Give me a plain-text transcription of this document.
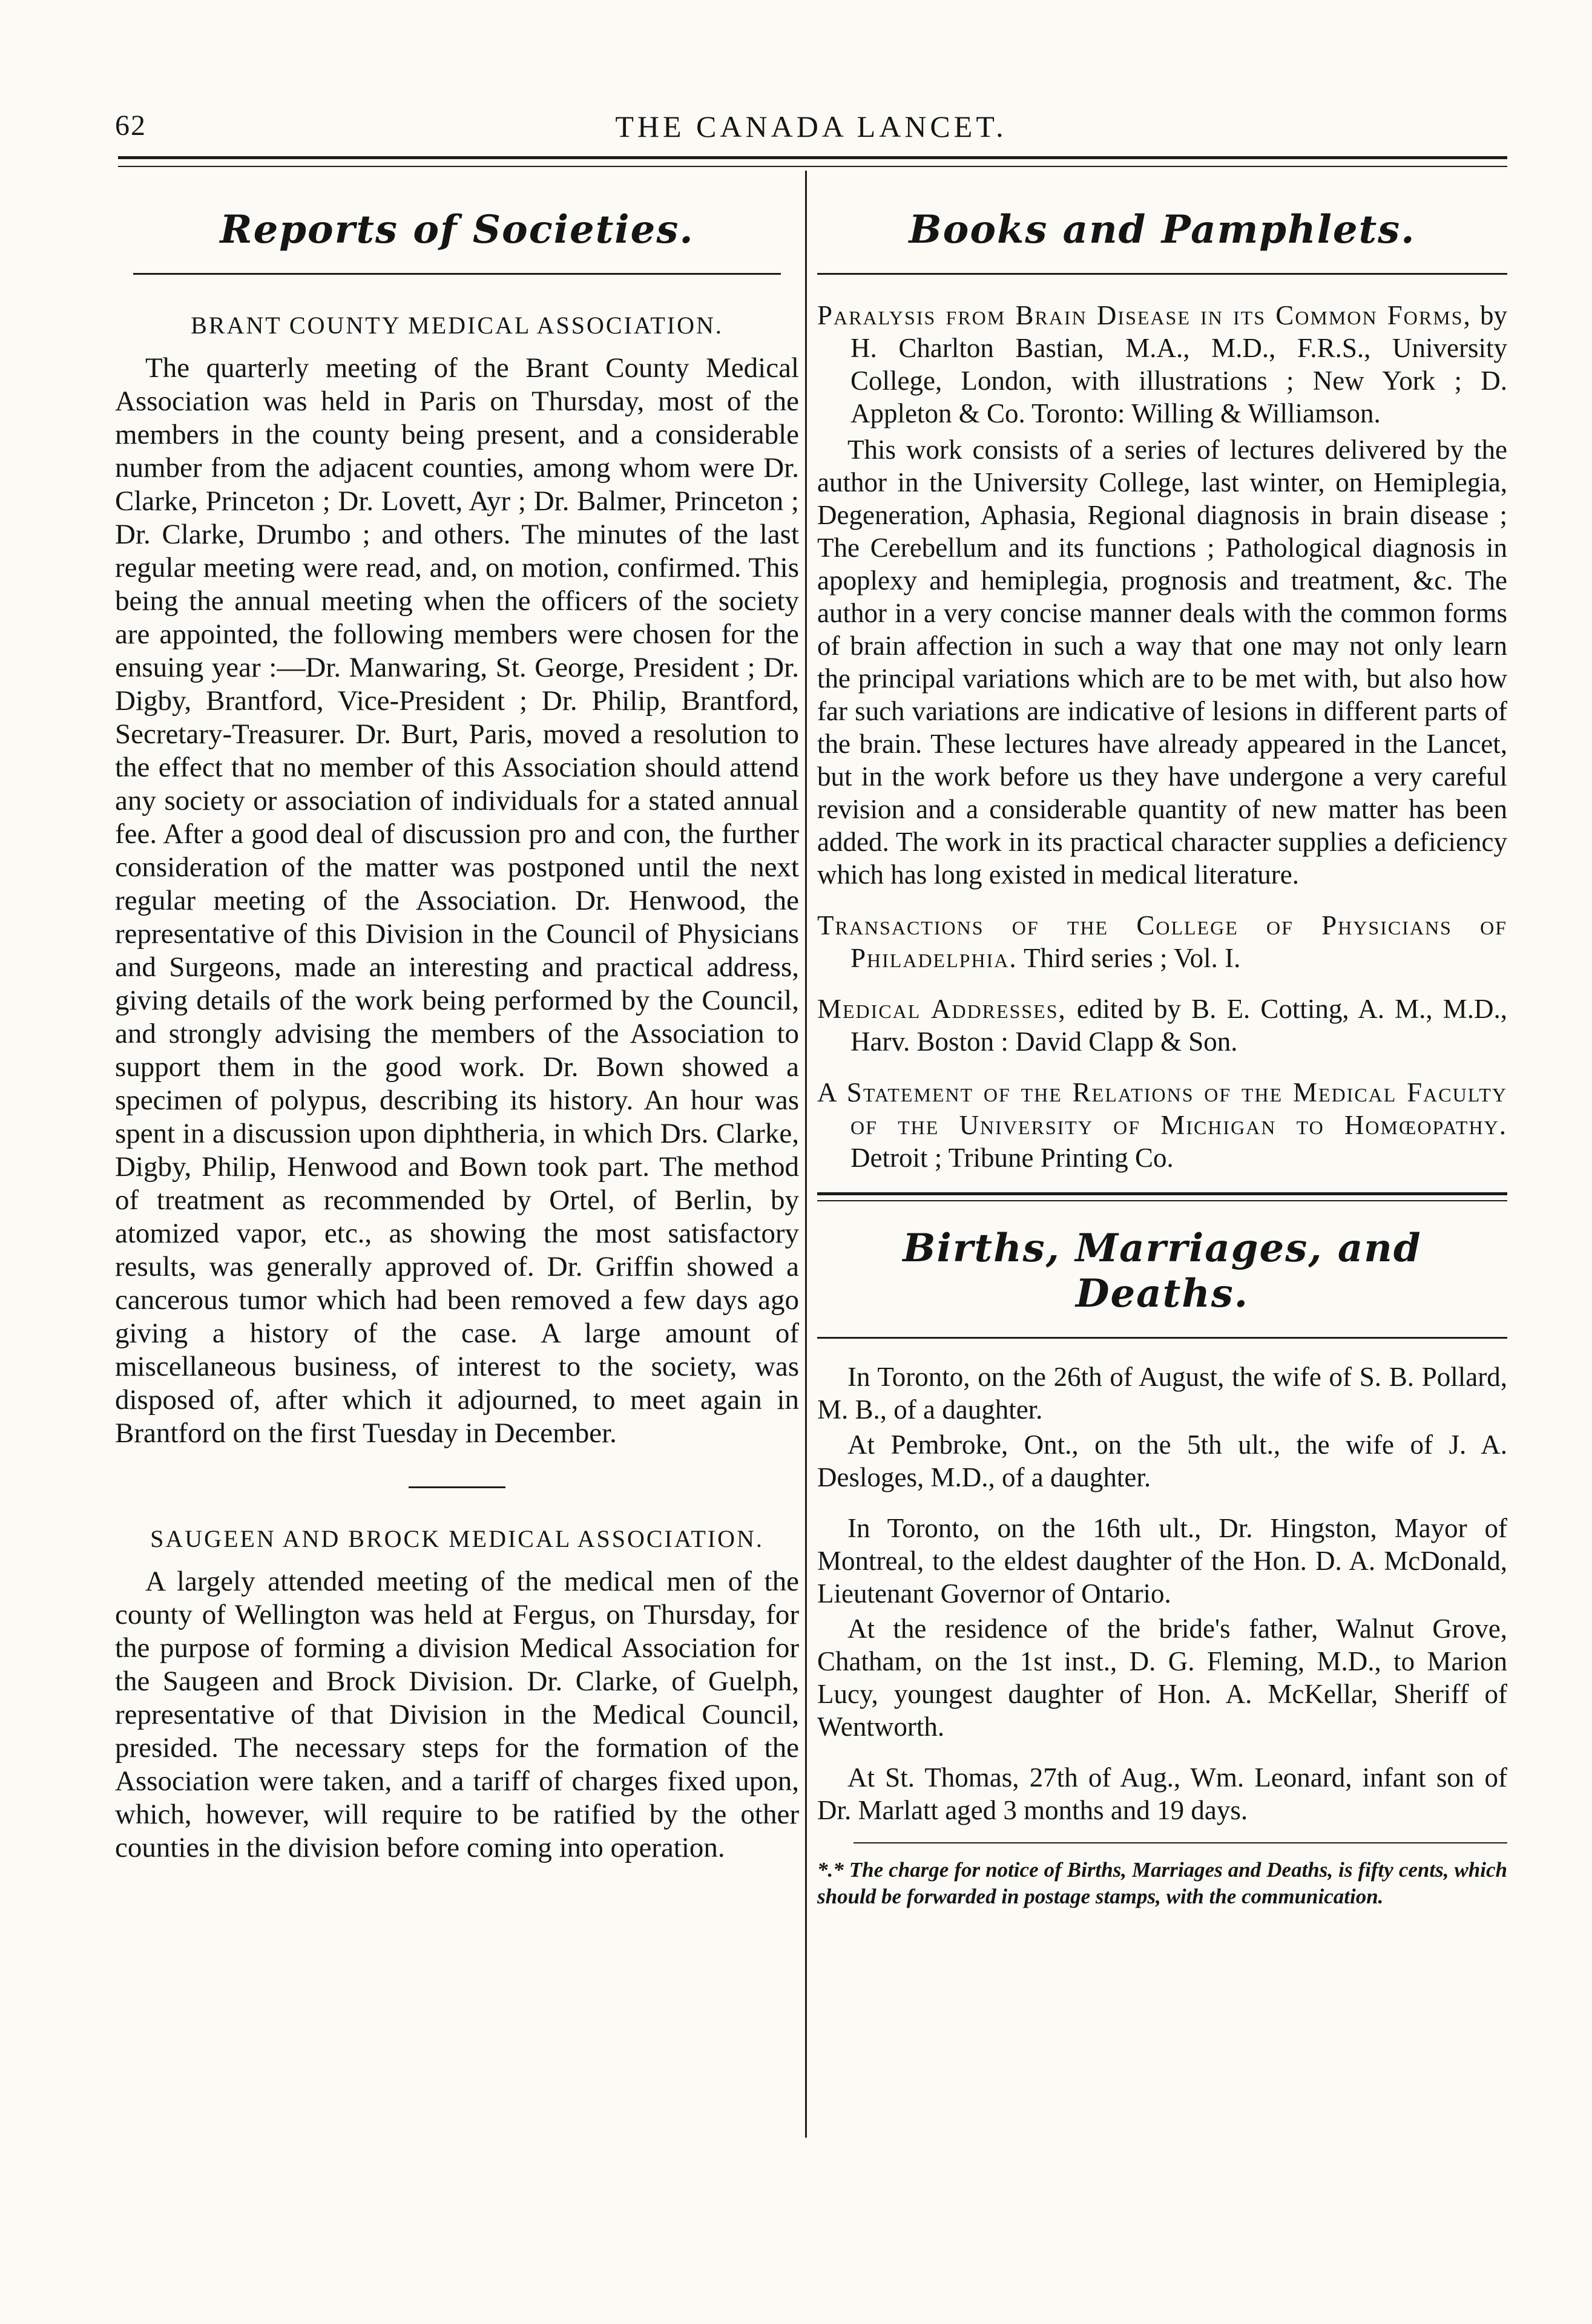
62	THE CANADA LANCET.
Reports of Societies.
BRANT COUNTY MEDICAL ASSOCIATION.

The quarterly meeting of the Brant County Medical Association was held in Paris on Thursday, most of the members in the county being present, and a considerable number from the adjacent counties, among whom were Dr. Clarke, Princeton ; Dr. Lovett, Ayr ; Dr. Balmer, Princeton ; Dr. Clarke, Drumbo ; and others. The minutes of the last regular meeting were read, and, on motion, confirmed. This being the annual meeting when the officers of the society are appointed, the following members were chosen for the ensuing year :—Dr. Manwaring, St. George, President ; Dr. Digby, Brantford, Vice-President ; Dr. Philip, Brantford, Secretary-Treasurer. Dr. Burt, Paris, moved a resolution to the effect that no member of this Association should attend any society or association of individuals for a stated annual fee. After a good deal of discussion pro and con, the further consideration of the matter was postponed until the next regular meeting of the Association. Dr. Henwood, the representative of this Division in the Council of Physicians and Surgeons, made an interesting and practical address, giving details of the work being performed by the Council, and strongly advising the members of the Association to support them in the good work. Dr. Bown showed a specimen of polypus, describing its history. An hour was spent in a discussion upon diphtheria, in which Drs. Clarke, Digby, Philip, Henwood and Bown took part. The method of treatment as recommended by Ortel, of Berlin, by atomized vapor, etc., as showing the most satisfactory results, was generally approved of. Dr. Griffin showed a cancerous tumor which had been removed a few days ago giving a history of the case. A large amount of miscellaneous business, of interest to the society, was disposed of, after which it adjourned, to meet again in Brantford on the first Tuesday in December.

SAUGEEN AND BROCK MEDICAL ASSOCIATION.

A largely attended meeting of the medical men of the county of Wellington was held at Fergus, on Thursday, for the purpose of forming a division Medical Association for the Saugeen and Brock Division. Dr. Clarke, of Guelph, representative of that Division in the Medical Council, presided. The necessary steps for the formation of the Association were taken, and a tariff of charges fixed upon, which, however, will require to be ratified by the other counties in the division before coming into operation.

Books and Pamphlets.

Paralysis from Brain Disease in its Common Forms, by H. Charlton Bastian, M.A., M.D., F.R.S., University College, London, with illustrations ; New York ; D. Appleton & Co. Toronto: Willing & Williamson.

This work consists of a series of lectures delivered by the author in the University College, last winter, on Hemiplegia, Degeneration, Aphasia, Regional diagnosis in brain disease ; The Cerebellum and its functions ; Pathological diagnosis in apoplexy and hemiplegia, prognosis and treatment, &c. The author in a very concise manner deals with the common forms of brain affection in such a way that one may not only learn the principal variations which are to be met with, but also how far such variations are indicative of lesions in different parts of the brain. These lectures have already appeared in the Lancet, but in the work before us they have undergone a very careful revision and a considerable quantity of new matter has been added. The work in its practical character supplies a deficiency which has long existed in medical literature.

Transactions of the College of Physicians of Philadelphia. Third series ; Vol. I.

Medical Addresses, edited by B. E. Cotting, A. M., M.D., Harv. Boston : David Clapp & Son.

A Statement of the Relations of the Medical Faculty of the University of Michigan to Homœopathy. Detroit ; Tribune Printing Co.

Births, Marriages, and Deaths.

In Toronto, on the 26th of August, the wife of S. B. Pollard, M. B., of a daughter.

At Pembroke, Ont., on the 5th ult., the wife of J. A. Desloges, M.D., of a daughter.

In Toronto, on the 16th ult., Dr. Hingston, Mayor of Montreal, to the eldest daughter of the Hon. D. A. McDonald, Lieutenant Governor of Ontario.

At the residence of the bride's father, Walnut Grove, Chatham, on the 1st inst., D. G. Fleming, M.D., to Marion Lucy, youngest daughter of Hon. A. McKellar, Sheriff of Wentworth.

At St. Thomas, 27th of Aug., Wm. Leonard, infant son of Dr. Marlatt aged 3 months and 19 days.

*.* The charge for notice of Births, Marriages and Deaths, is fifty cents, which should be forwarded in postage stamps, with the communication.
